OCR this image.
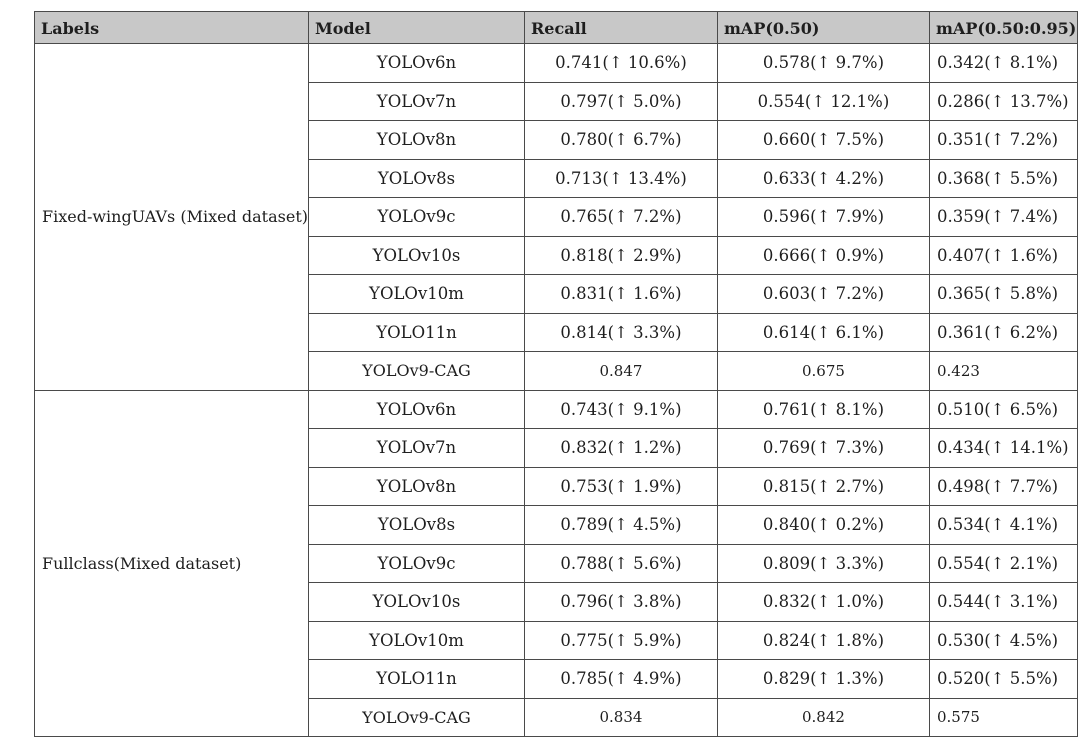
Labels	Model	Recall	mAP(0.50)	mAP(0.50:0.95)
Fixed-wingUAVs (Mixed dataset)	YOLOv6n	0.741(↑ 10.6%)	0.578(↑ 9.7%)	0.342(↑ 8.1%)
	YOLOv7n	0.797(↑ 5.0%)	0.554(↑ 12.1%)	0.286(↑ 13.7%)
	YOLOv8n	0.780(↑ 6.7%)	0.660(↑ 7.5%)	0.351(↑ 7.2%)
	YOLOv8s	0.713(↑ 13.4%)	0.633(↑ 4.2%)	0.368(↑ 5.5%)
	YOLOv9c	0.765(↑ 7.2%)	0.596(↑ 7.9%)	0.359(↑ 7.4%)
	YOLOv10s	0.818(↑ 2.9%)	0.666(↑ 0.9%)	0.407(↑ 1.6%)
	YOLOv10m	0.831(↑ 1.6%)	0.603(↑ 7.2%)	0.365(↑ 5.8%)
	YOLO11n	0.814(↑ 3.3%)	0.614(↑ 6.1%)	0.361(↑ 6.2%)
	YOLOv9-CAG	0.847	0.675	0.423
Fullclass(Mixed dataset)	YOLOv6n	0.743(↑ 9.1%)	0.761(↑ 8.1%)	0.510(↑ 6.5%)
	YOLOv7n	0.832(↑ 1.2%)	0.769(↑ 7.3%)	0.434(↑ 14.1%)
	YOLOv8n	0.753(↑ 1.9%)	0.815(↑ 2.7%)	0.498(↑ 7.7%)
	YOLOv8s	0.789(↑ 4.5%)	0.840(↑ 0.2%)	0.534(↑ 4.1%)
	YOLOv9c	0.788(↑ 5.6%)	0.809(↑ 3.3%)	0.554(↑ 2.1%)
	YOLOv10s	0.796(↑ 3.8%)	0.832(↑ 1.0%)	0.544(↑ 3.1%)
	YOLOv10m	0.775(↑ 5.9%)	0.824(↑ 1.8%)	0.530(↑ 4.5%)
	YOLO11n	0.785(↑ 4.9%)	0.829(↑ 1.3%)	0.520(↑ 5.5%)
	YOLOv9-CAG	0.834	0.842	0.575
